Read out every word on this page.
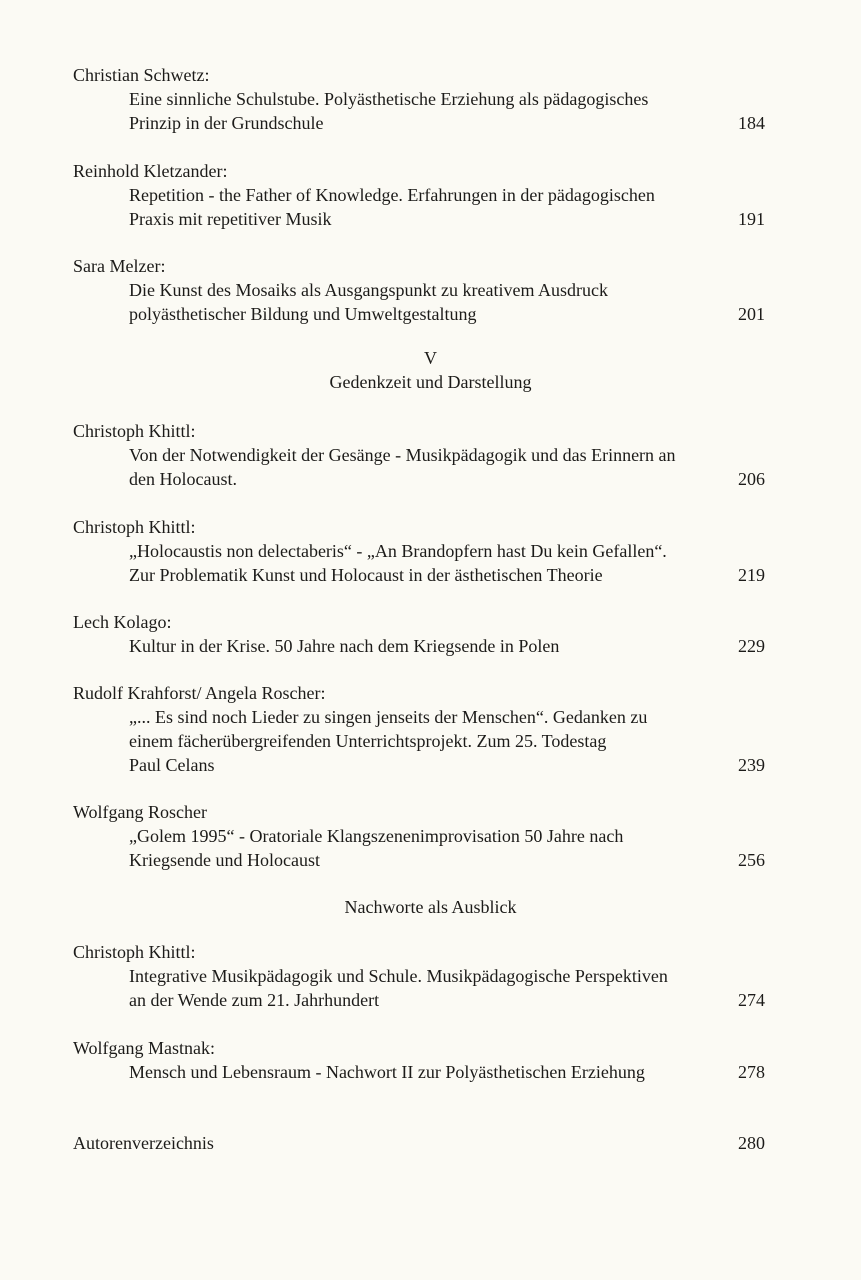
Christian Schwetz:

Eine sinnliche Schulstube. Polyästhetische Erziehung als pädagogisches
Prinzip in der Grundschule	184

Reinhold Kletzander:

Repetition - the Father of Knowledge. Erfahrungen in der pädagogischen
Praxis mit repetitiver Musik	191

Sara Melzer:

Die Kunst des Mosaiks als Ausgangspunkt zu kreativem Ausdruck
polyästhetischer Bildung und Umweltgestaltung	201
V
Gedenkzeit und Darstellung

Christoph Khittl:

Von der Notwendigkeit der Gesänge - Musikpädagogik und das Erinnern an
den Holocaust.	206

Christoph Khittl:

„Holocaustis non delectaberis“ - „An Brandopfern hast Du kein Gefallen“.
Zur Problematik Kunst und Holocaust in der ästhetischen Theorie	219

Lech Kolago:

Kultur in der Krise. 50 Jahre nach dem Kriegsende in Polen	229

Rudolf Krahforst/ Angela Roscher:

„... Es sind noch Lieder zu singen jenseits der Menschen“. Gedanken zu
einem fächerübergreifenden Unterrichtsprojekt. Zum 25. Todestag
Paul Celans	239

Wolfgang Roscher

„Golem 1995“ - Oratoriale Klangszenenimprovisation 50 Jahre nach
Kriegsende und Holocaust	256
Nachworte als Ausblick

Christoph Khittl:

Integrative Musikpädagogik und Schule. Musikpädagogische Perspektiven
an der Wende zum 21. Jahrhundert	274

Wolfgang Mastnak:

Mensch und Lebensraum - Nachwort II zur Polyästhetischen Erziehung	278
Autorenverzeichnis	280
